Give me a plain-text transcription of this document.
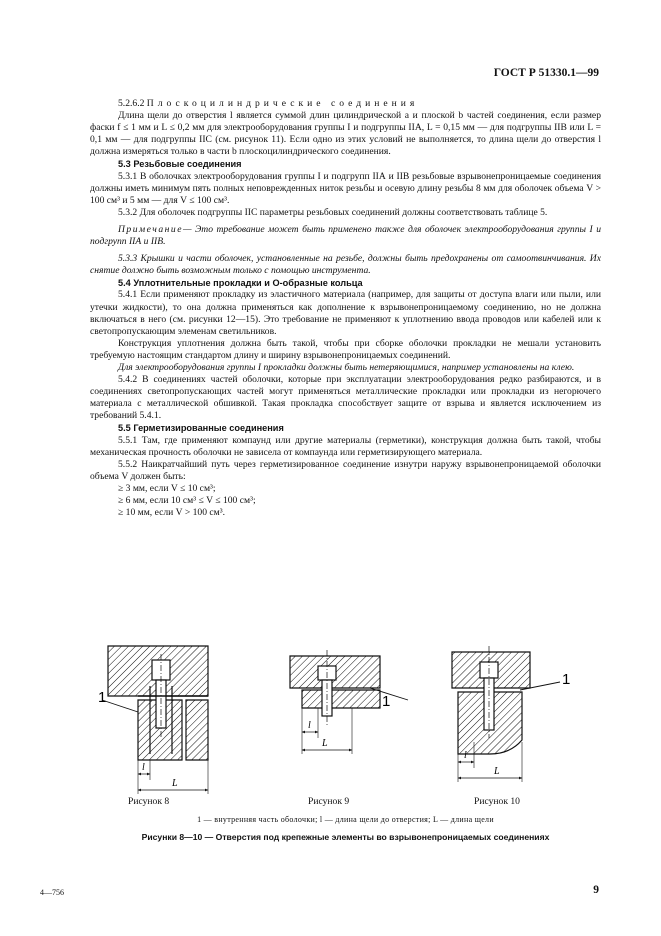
ГОСТ Р 51330.1—99

5.2.6.2 Плоскоцилиндрические соединения

Длина щели до отверстия l является суммой длин цилиндрической a и плоской b частей соединения, если размер фаски f ≤ 1 мм и L ≤ 0,2 мм для электрооборудования группы I и подгруппы IIА, L = 0,15 мм — для подгруппы IIВ или L = 0,1 мм — для подгруппы IIС (см. рисунок 11). Если одно из этих условий не выполняется, то длина щели до отверстия l должна измеряться только в части b плоскоцилиндрического соединения.

5.3 Резьбовые соединения

5.3.1 В оболочках электрооборудования группы I и подгрупп IIА и IIВ резьбовые взрывонепроницаемые соединения должны иметь минимум пять полных неповрежденных ниток резьбы и осевую длину резьбы 8 мм для оболочек объема V > 100 см³ и 5 мм — для V ≤ 100 см³.

5.3.2 Для оболочек подгруппы IIС параметры резьбовых соединений должны соответствовать таблице 5.

Примечание— Это требование может быть применено также для оболочек электрооборудования группы I и подгрупп IIА и IIВ.

5.3.3 Крышки и части оболочек, установленные на резьбе, должны быть предохранены от самоотвинчивания. Их снятие должно быть возможным только с помощью инструмента.

5.4 Уплотнительные прокладки и О-образные кольца

5.4.1 Если применяют прокладку из эластичного материала (например, для защиты от доступа влаги или пыли, или утечки жидкости), то она должна применяться как дополнение к взрывонепроницаемому соединению, но не должна включаться в него (см. рисунки 12—15). Это требование не применяют к уплотнению ввода проводов или кабелей или к светопропускающим элеменам светильников.

Конструкция уплотнения должна быть такой, чтобы при сборке оболочки прокладки не мешали установить требуемую настоящим стандартом длину и ширину взрывонепроницаемых соединений.

Для электрооборудования группы I прокладки должны быть нетеряющимися, например установлены на клею.

5.4.2 В соединениях частей оболочки, которые при эксплуатации электрооборудования редко разбираются, и в соединениях светопропускающих частей могут применяться металлические прокладки или прокладки из негорючего материала с металлической обшивкой. Такая прокладка способствует защите от взрыва и является исключением из требований 5.4.1.

5.5 Герметизированные соединения

5.5.1 Там, где применяют компаунд или другие материалы (герметики), конструкция должна быть такой, чтобы механическая прочность оболочки не зависела от компаунда или герметизирующего материала.

5.5.2 Наикратчайший путь через герметизированное соединение изнутри наружу взрывонепроницаемой оболочки объема V должен быть:

≥ 3 мм, если V ≤ 10 см³;

≥ 6 мм, если 10 см³ ≤ V ≤ 100 см³;

≥ 10 мм, если V > 100 см³.

1
l
L
1
l
L
1
l
L
Рисунок 8	Рисунок 9	Рисунок 10
1 — внутренняя часть оболочки; l — длина щели до отверстия; L — длина щели
Рисунки 8—10 — Отверстия под крепежные элементы во взрывонепроницаемых соединениях
4—756	9
